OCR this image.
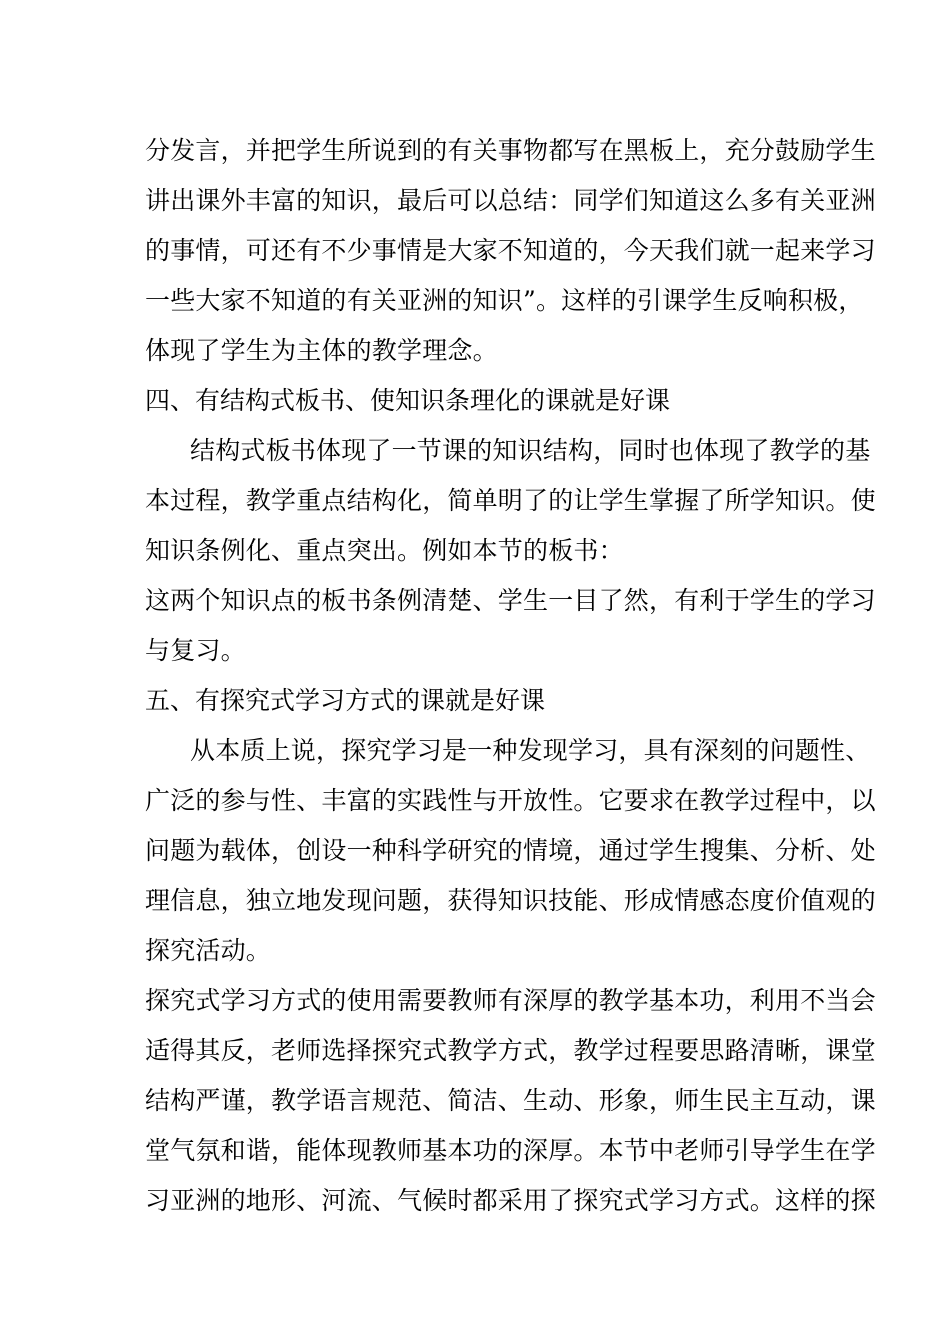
分发言，并把学生所说到的有关事物都写在黑板上，充分鼓励学生
讲出课外丰富的知识，最后可以总结：同学们知道这么多有关亚洲
的事情，可还有不少事情是大家不知道的，今天我们就一起来学习
一些大家不知道的有关亚洲的知识”。这样的引课学生反响积极，
体现了学生为主体的教学理念。
四、有结构式板书、使知识条理化的课就是好课
结构式板书体现了一节课的知识结构，同时也体现了教学的基
本过程，教学重点结构化，简单明了的让学生掌握了所学知识。使
知识条例化、重点突出。例如本节的板书：
这两个知识点的板书条例清楚、学生一目了然，有利于学生的学习
与复习。
五、有探究式学习方式的课就是好课
从本质上说，探究学习是一种发现学习，具有深刻的问题性、
广泛的参与性、丰富的实践性与开放性。它要求在教学过程中，以
问题为载体，创设一种科学研究的情境，通过学生搜集、分析、处
理信息，独立地发现问题，获得知识技能、形成情感态度价值观的
探究活动。
探究式学习方式的使用需要教师有深厚的教学基本功，利用不当会
适得其反，老师选择探究式教学方式，教学过程要思路清晰，课堂
结构严谨，教学语言规范、简洁、生动、形象，师生民主互动，课
堂气氛和谐，能体现教师基本功的深厚。本节中老师引导学生在学
习亚洲的地形、河流、气候时都采用了探究式学习方式。这样的探
